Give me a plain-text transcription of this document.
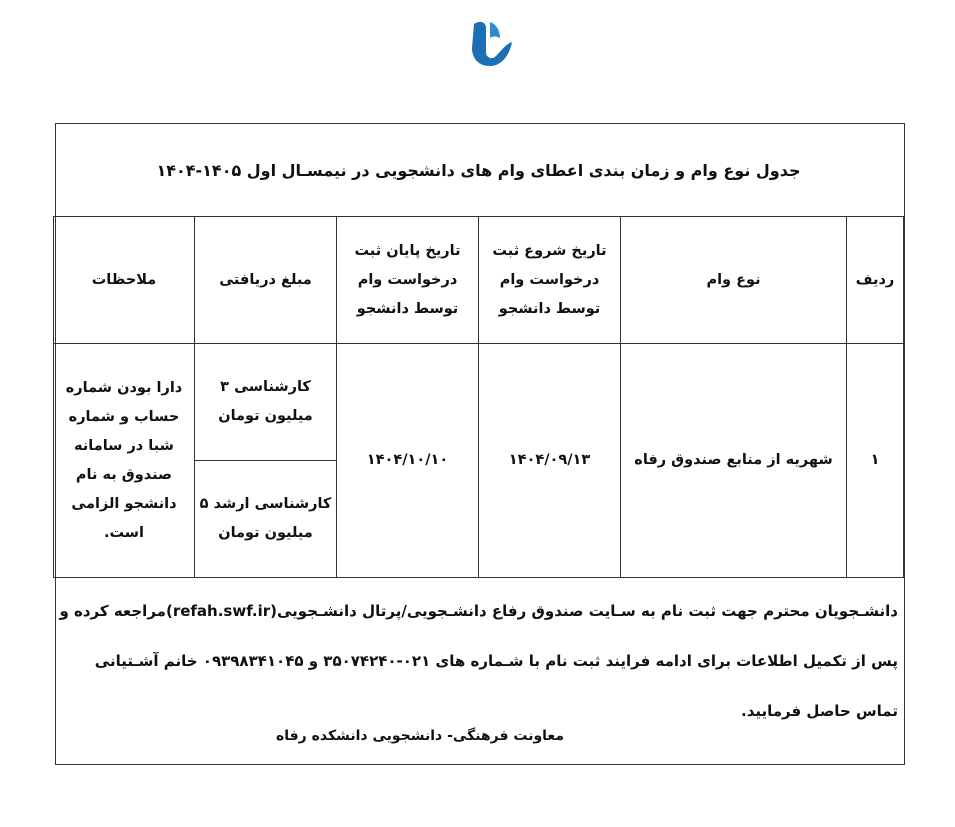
جدول نوع وام و زمان بندی اعطای وام های دانشجویی در نیمسـال اول ۱۴۰۵-۱۴۰۴					
ردیف	نوع وام	تاریخ شروع ثبت درخواست وام توسط دانشجو	تاریخ پایان ثبت درخواست وام توسط دانشجو	مبلغ دریافتی	ملاحظات
۱	شهریه از منابع صندوق رفاه	۱۴۰۴/۰۹/۱۳	۱۴۰۴/۱۰/۱۰	کارشناسی ۳ میلیون تومان	دارا بودن شماره حساب و شماره شبا در سامانه صندوق به نام دانشجو الزامی است.
				کارشناسی ارشد ۵ میلیون تومان	
دانشـجویان محترم جهت ثبت نام به سـایت صندوق رفاع دانشـجویی/پرتال دانشـجویی(refah.swf.ir)مراجعه کرده و
پس از تکمیل اطلاعات برای ادامه فرایند ثبت نام با شـماره های ۰۲۱-۳۵۰۷۴۲۴۰ و ۰۹۳۹۸۳۴۱۰۴۵ خانم آشـتیانی
تماس حاصل فرمایید.
معاونت فرهنگی- دانشجویی دانشکده رفاه
